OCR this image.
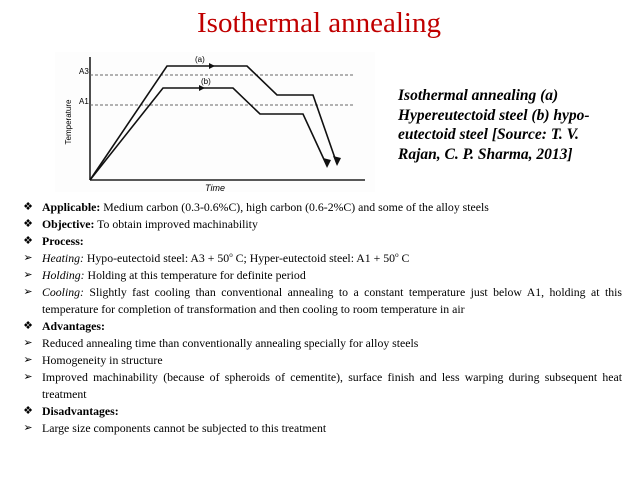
Isothermal annealing
Temperature
Time
A3
A1
(a)
(b)
Isothermal annealing (a) Hypereutectoid steel (b) hypo-eutectoid steel [Source: T. V. Rajan, C. P. Sharma, 2013]
❖ Applicable: Medium carbon (0.3-0.6%C), high carbon (0.6-2%C) and some of the alloy steels
❖ Objective: To obtain improved machinability
❖ Process:
➢ Heating: Hypo-eutectoid steel: $A3 + 50^o$ C; Hyper-eutectoid steel: $A1 + 50^o$ C
➢ Holding: Holding at this temperature for definite period
➢ Cooling: Slightly fast cooling than conventional annealing to a constant temperature just below A1, holding at this temperature for completion of transformation and then cooling to room temperature in air
❖ Advantages:
➢ Reduced annealing time than conventionally annealing specially for alloy steels
➢ Homogeneity in structure
➢ Improved machinability (because of spheroids of cementite), surface finish and less warping during subsequent heat treatment
❖ Disadvantages:
➢ Large size components cannot be subjected to this treatment
